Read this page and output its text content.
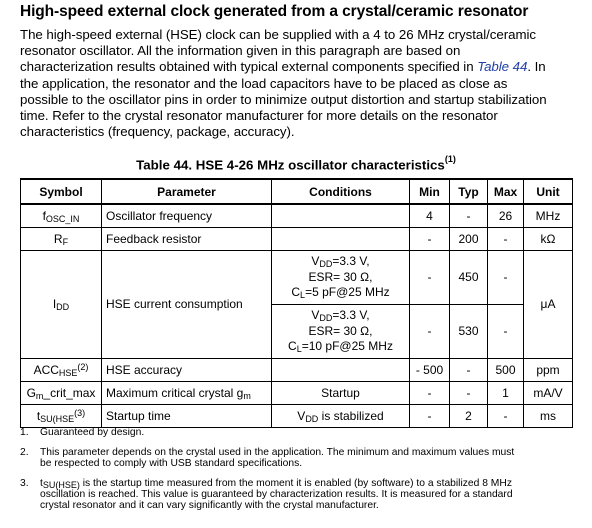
High-speed external clock generated from a crystal/ceramic resonator
The high-speed external (HSE) clock can be supplied with a 4 to 26 MHz crystal/ceramic
resonator oscillator. All the information given in this paragraph are based on
characterization results obtained with typical external components specified in Table 44. In
the application, the resonator and the load capacitors have to be placed as close as
possible to the oscillator pins in order to minimize output distortion and startup stabilization
time. Refer to the crystal resonator manufacturer for more details on the resonator
characteristics (frequency, package, accuracy).
Table 44. HSE 4-26 MHz oscillator characteristics$^{(1)}$
Symbol	Parameter	Conditions	Min	Typ	Max	Unit
fOSC_IN	Oscillator frequency		4	-	26	MHz
RF	Feedback resistor		-	200	-	kΩ
IDD	HSE current consumption	VDD=3.3 V,
ESR= 30 Ω,
CL=5 pF@25 MHz	-	450	-	μA

		VDD=3.3 V,
ESR= 30 Ω,
CL=10 pF@25 MHz	-	530	-	
ACCHSE$^{(2)}$	HSE accuracy		- 500	-	500	ppm
Gm_crit_max	Maximum critical crystal gm	Startup	-	-	1	mA/V
tSU(HSE$^{(3)}$	Startup time	VDD is stabilized	-	2	-	ms
1. Guaranteed by design.
2. This parameter depends on the crystal used in the application. The minimum and maximum values must
be respected to comply with USB standard specifications.
3. tSU(HSE) is the startup time measured from the moment it is enabled (by software) to a stabilized 8 MHz
oscillation is reached. This value is guaranteed by characterization results. It is measured for a standard
crystal resonator and it can vary significantly with the crystal manufacturer.
